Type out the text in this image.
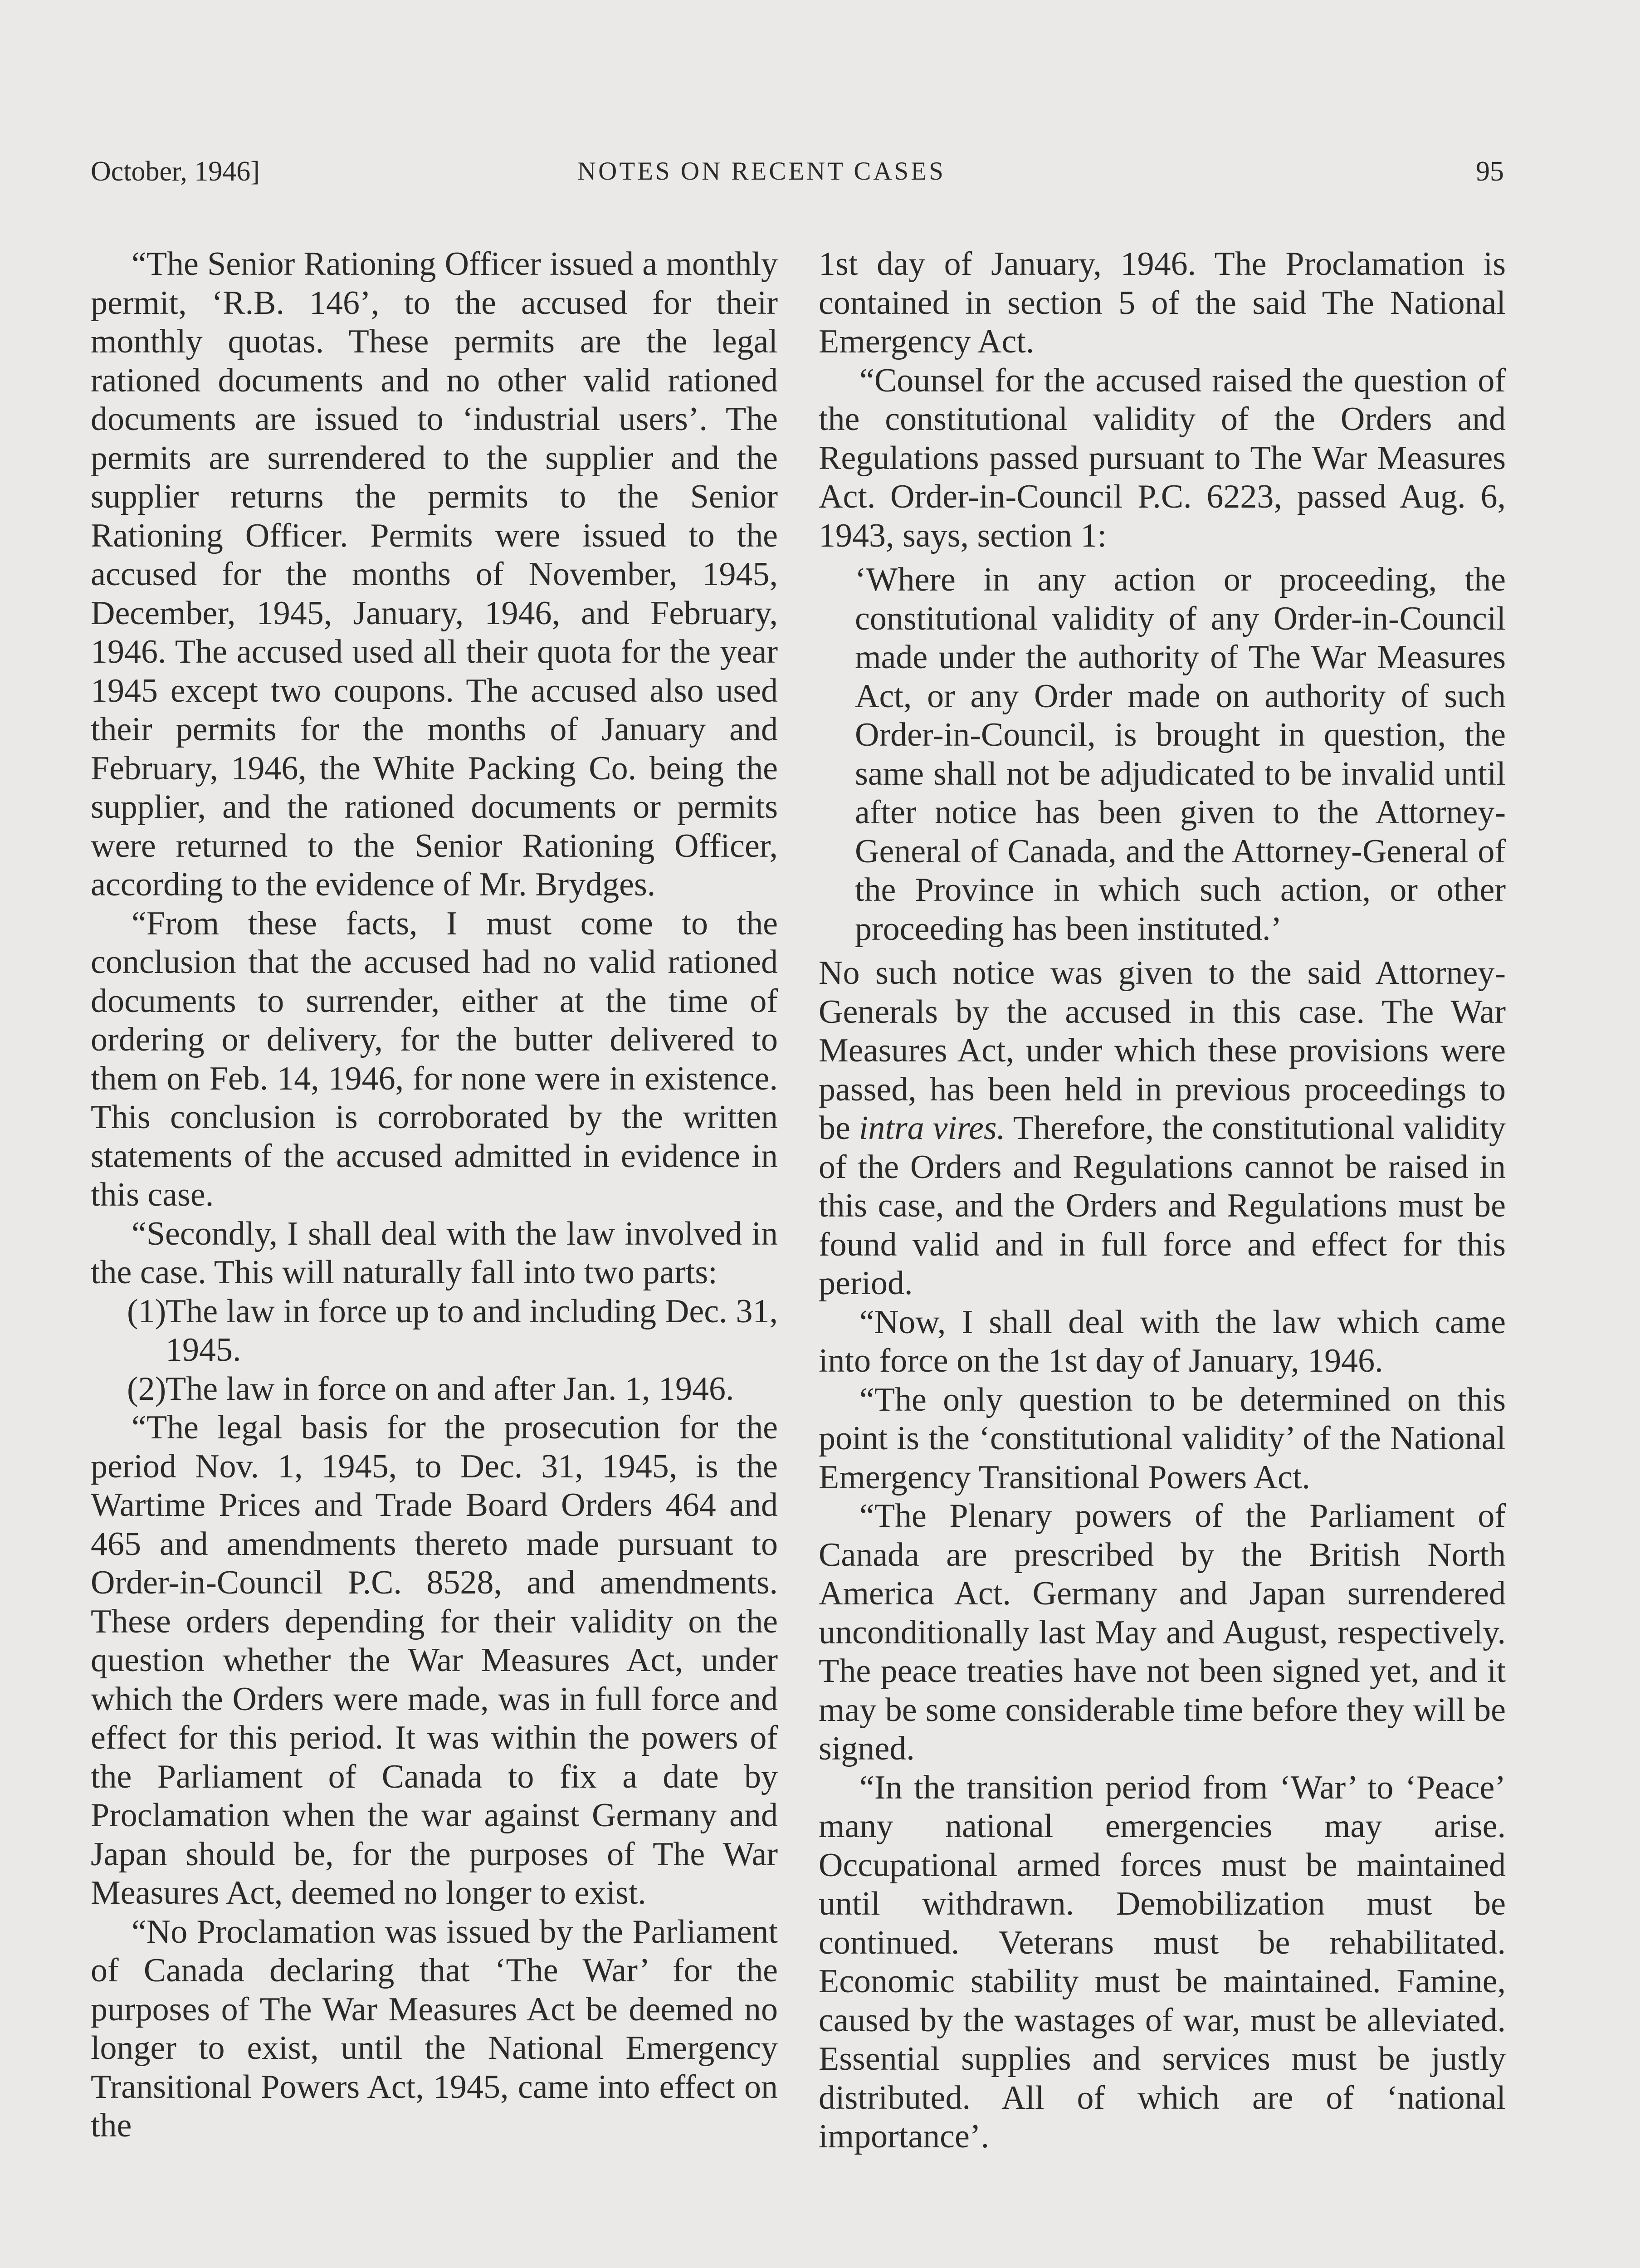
October, 1946]	NOTES ON RECENT CASES	95

“The Senior Rationing Officer issued a monthly permit, ‘R.B. 146’, to the accused for their monthly quotas. These permits are the legal rationed documents and no other valid rationed documents are issued to ‘industrial users’. The permits are surrendered to the supplier and the supplier returns the permits to the Senior Rationing Officer. Permits were issued to the accused for the months of November, 1945, December, 1945, January, 1946, and February, 1946. The accused used all their quota for the year 1945 except two coupons. The accused also used their permits for the months of January and February, 1946, the White Packing Co. being the supplier, and the rationed documents or permits were returned to the Senior Rationing Officer, according to the evidence of Mr. Brydges.

“From these facts, I must come to the conclusion that the accused had no valid rationed documents to surrender, either at the time of ordering or delivery, for the butter delivered to them on Feb. 14, 1946, for none were in existence. This conclusion is corroborated by the written statements of the accused admitted in evidence in this case.

“Secondly, I shall deal with the law involved in the case. This will naturally fall into two parts:

(1)
The law in force up to and including Dec. 31, 1945.

(2)
The law in force on and after Jan. 1, 1946.

“The legal basis for the prosecution for the period Nov. 1, 1945, to Dec. 31, 1945, is the Wartime Prices and Trade Board Orders 464 and 465 and amendments thereto made pursuant to Order-in-Council P.C. 8528, and amendments. These orders depending for their validity on the question whether the War Measures Act, under which the Orders were made, was in full force and effect for this period. It was within the powers of the Parliament of Canada to fix a date by Proclamation when the war against Germany and Japan should be, for the purposes of The War Measures Act, deemed no longer to exist.

“No Proclamation was issued by the Parliament of Canada declaring that ‘The War’ for the purposes of The War Measures Act be deemed no longer to exist, until the National Emergency Transitional Powers Act, 1945, came into effect on the

1st day of January, 1946. The Proclamation is contained in section 5 of the said The National Emergency Act.

“Counsel for the accused raised the question of the constitutional validity of the Orders and Regulations passed pursuant to The War Measures Act. Order-in-Council P.C. 6223, passed Aug. 6, 1943, says, section 1:

‘Where in any action or proceeding, the constitutional validity of any Order-in-Council made under the authority of The War Measures Act, or any Order made on authority of such Order-in-Council, is brought in question, the same shall not be adjudicated to be invalid until after notice has been given to the Attorney-General of Canada, and the Attorney-General of the Province in which such action, or other proceeding has been instituted.’

No such notice was given to the said Attorney-Generals by the accused in this case. The War Measures Act, under which these provisions were passed, has been held in previous proceedings to be intra vires. Therefore, the constitutional validity of the Orders and Regulations cannot be raised in this case, and the Orders and Regulations must be found valid and in full force and effect for this period.

“Now, I shall deal with the law which came into force on the 1st day of January, 1946.

“The only question to be determined on this point is the ‘constitutional validity’ of the National Emergency Transitional Powers Act.

“The Plenary powers of the Parliament of Canada are prescribed by the British North America Act. Germany and Japan surrendered unconditionally last May and August, respectively. The peace treaties have not been signed yet, and it may be some considerable time before they will be signed.

“In the transition period from ‘War’ to ‘Peace’ many national emergencies may arise. Occupational armed forces must be maintained until withdrawn. Demobilization must be continued. Veterans must be rehabilitated. Economic stability must be maintained. Famine, caused by the wastages of war, must be alleviated. Essential supplies and services must be justly distributed. All of which are of ‘national importance’.
